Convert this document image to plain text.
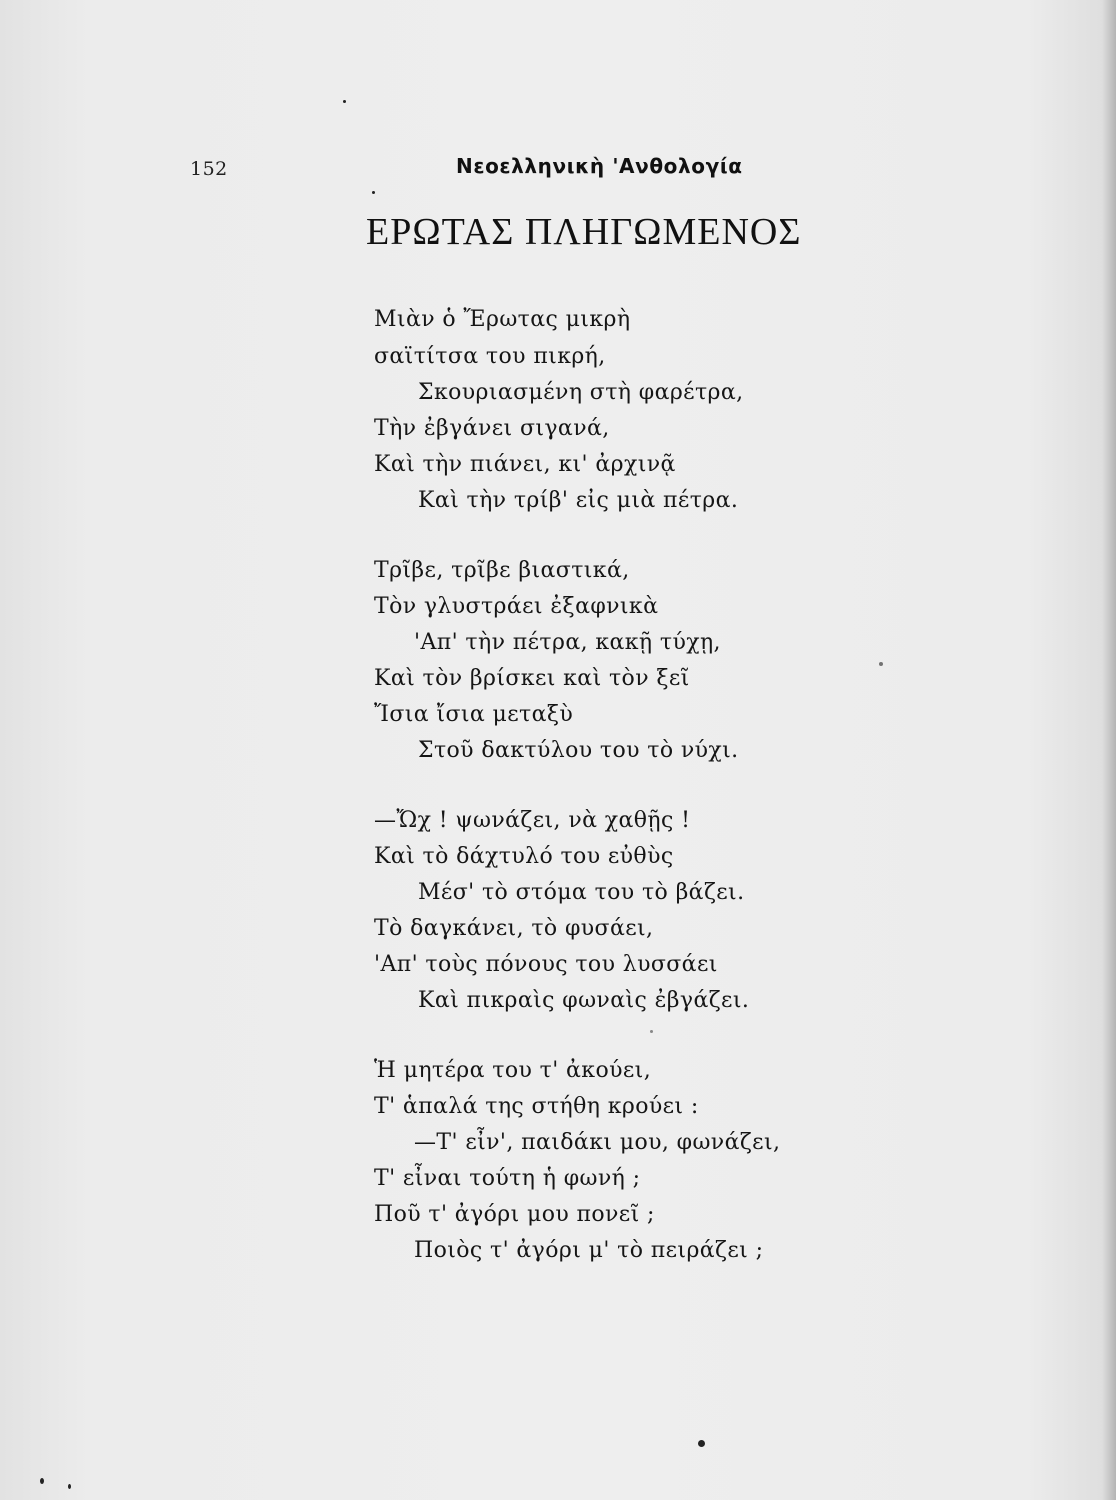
152	Νεοελληνικὴ 'Ανθολογία
ΕΡΩΤΑΣ ΠΛΗΓΩΜΕΝΟΣ
Μιὰν ὁ Ἔρωτας μικρὴ
σαϊτίτσα του πικρή,
Σκουριασμένη στὴ φαρέτρα,
Τὴν ἐβγάνει σιγανά,
Καὶ τὴν πιάνει, κι' ἀρχινᾷ
Καὶ τὴν τρίβ' εἰς μιὰ πέτρα.
Τρῖβε, τρῖβε βιαστικά,
Τὸν γλυστράει ἐξαφνικὰ
'Απ' τὴν πέτρα, κακῇ τύχῃ,
Καὶ τὸν βρίσκει καὶ τὸν ξεῖ
Ἴσια ἴσια μεταξὺ
Στοῦ δακτύλου του τὸ νύχι.
—Ὤχ ! ψωνάζει, νὰ χαθῇς !
Καὶ τὸ δάχτυλό του εὐθὺς
Μέσ' τὸ στόμα του τὸ βάζει.
Τὸ δαγκάνει, τὸ φυσάει,
'Απ' τοὺς πόνους του λυσσάει
Καὶ πικραὶς φωναὶς ἐβγάζει.
Ἡ μητέρα του τ' ἀκούει,
Τ' ἁπαλά της στήθη κρούει :
—Τ' εἶν', παιδάκι μου, φωνάζει,
Τ' εἶναι τούτη ἡ φωνή ;
Ποῦ τ' ἀγόρι μου πονεῖ ;
Ποιὸς τ' ἀγόρι μ' τὸ πειράζει ;
